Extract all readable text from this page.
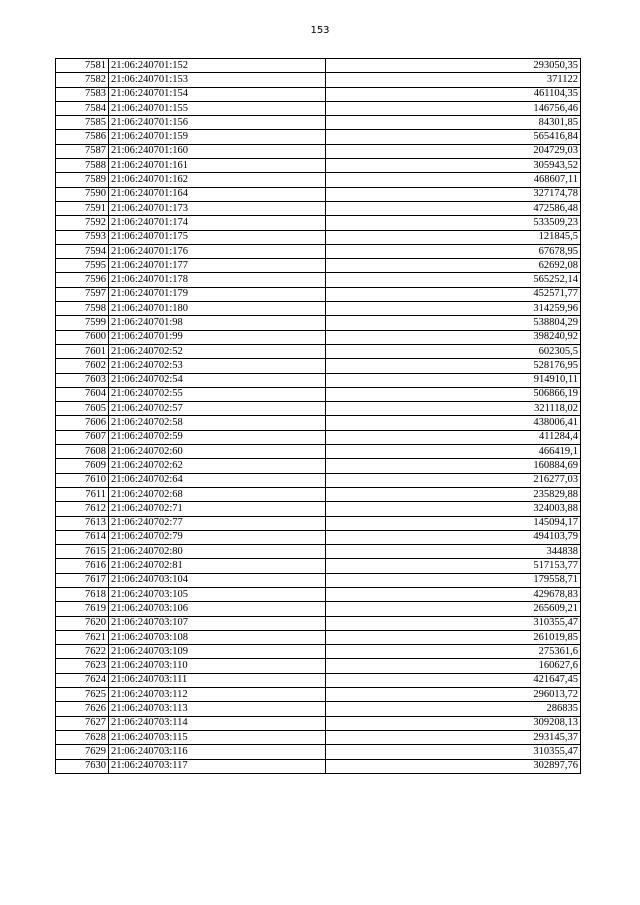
153
7581	21:06:240701:152	293050,35
7582	21:06:240701:153	371122
7583	21:06:240701:154	461104,35
7584	21:06:240701:155	146756,46
7585	21:06:240701:156	84301,85
7586	21:06:240701:159	565416,84
7587	21:06:240701:160	204729,03
7588	21:06:240701:161	305943,52
7589	21:06:240701:162	468607,11
7590	21:06:240701:164	327174,78
7591	21:06:240701:173	472586,48
7592	21:06:240701:174	533509,23
7593	21:06:240701:175	121845,5
7594	21:06:240701:176	67678,95
7595	21:06:240701:177	62692,08
7596	21:06:240701:178	565252,14
7597	21:06:240701:179	452571,77
7598	21:06:240701:180	314259,96
7599	21:06:240701:98	538804,29
7600	21:06:240701:99	398240,92
7601	21:06:240702:52	602305,5
7602	21:06:240702:53	528176,95
7603	21:06:240702:54	914910,11
7604	21:06:240702:55	506866,19
7605	21:06:240702:57	321118,02
7606	21:06:240702:58	438006,41
7607	21:06:240702:59	411284,4
7608	21:06:240702:60	466419,1
7609	21:06:240702:62	160884,69
7610	21:06:240702:64	216277,03
7611	21:06:240702:68	235829,88
7612	21:06:240702:71	324003,88
7613	21:06:240702:77	145094,17
7614	21:06:240702:79	494103,79
7615	21:06:240702:80	344838
7616	21:06:240702:81	517153,77
7617	21:06:240703:104	179558,71
7618	21:06:240703:105	429678,83
7619	21:06:240703:106	265609,21
7620	21:06:240703:107	310355,47
7621	21:06:240703:108	261019,85
7622	21:06:240703:109	275361,6
7623	21:06:240703:110	160627,6
7624	21:06:240703:111	421647,45
7625	21:06:240703:112	296013,72
7626	21:06:240703:113	286835
7627	21:06:240703:114	309208,13
7628	21:06:240703:115	293145,37
7629	21:06:240703:116	310355,47
7630	21:06:240703:117	302897,76
